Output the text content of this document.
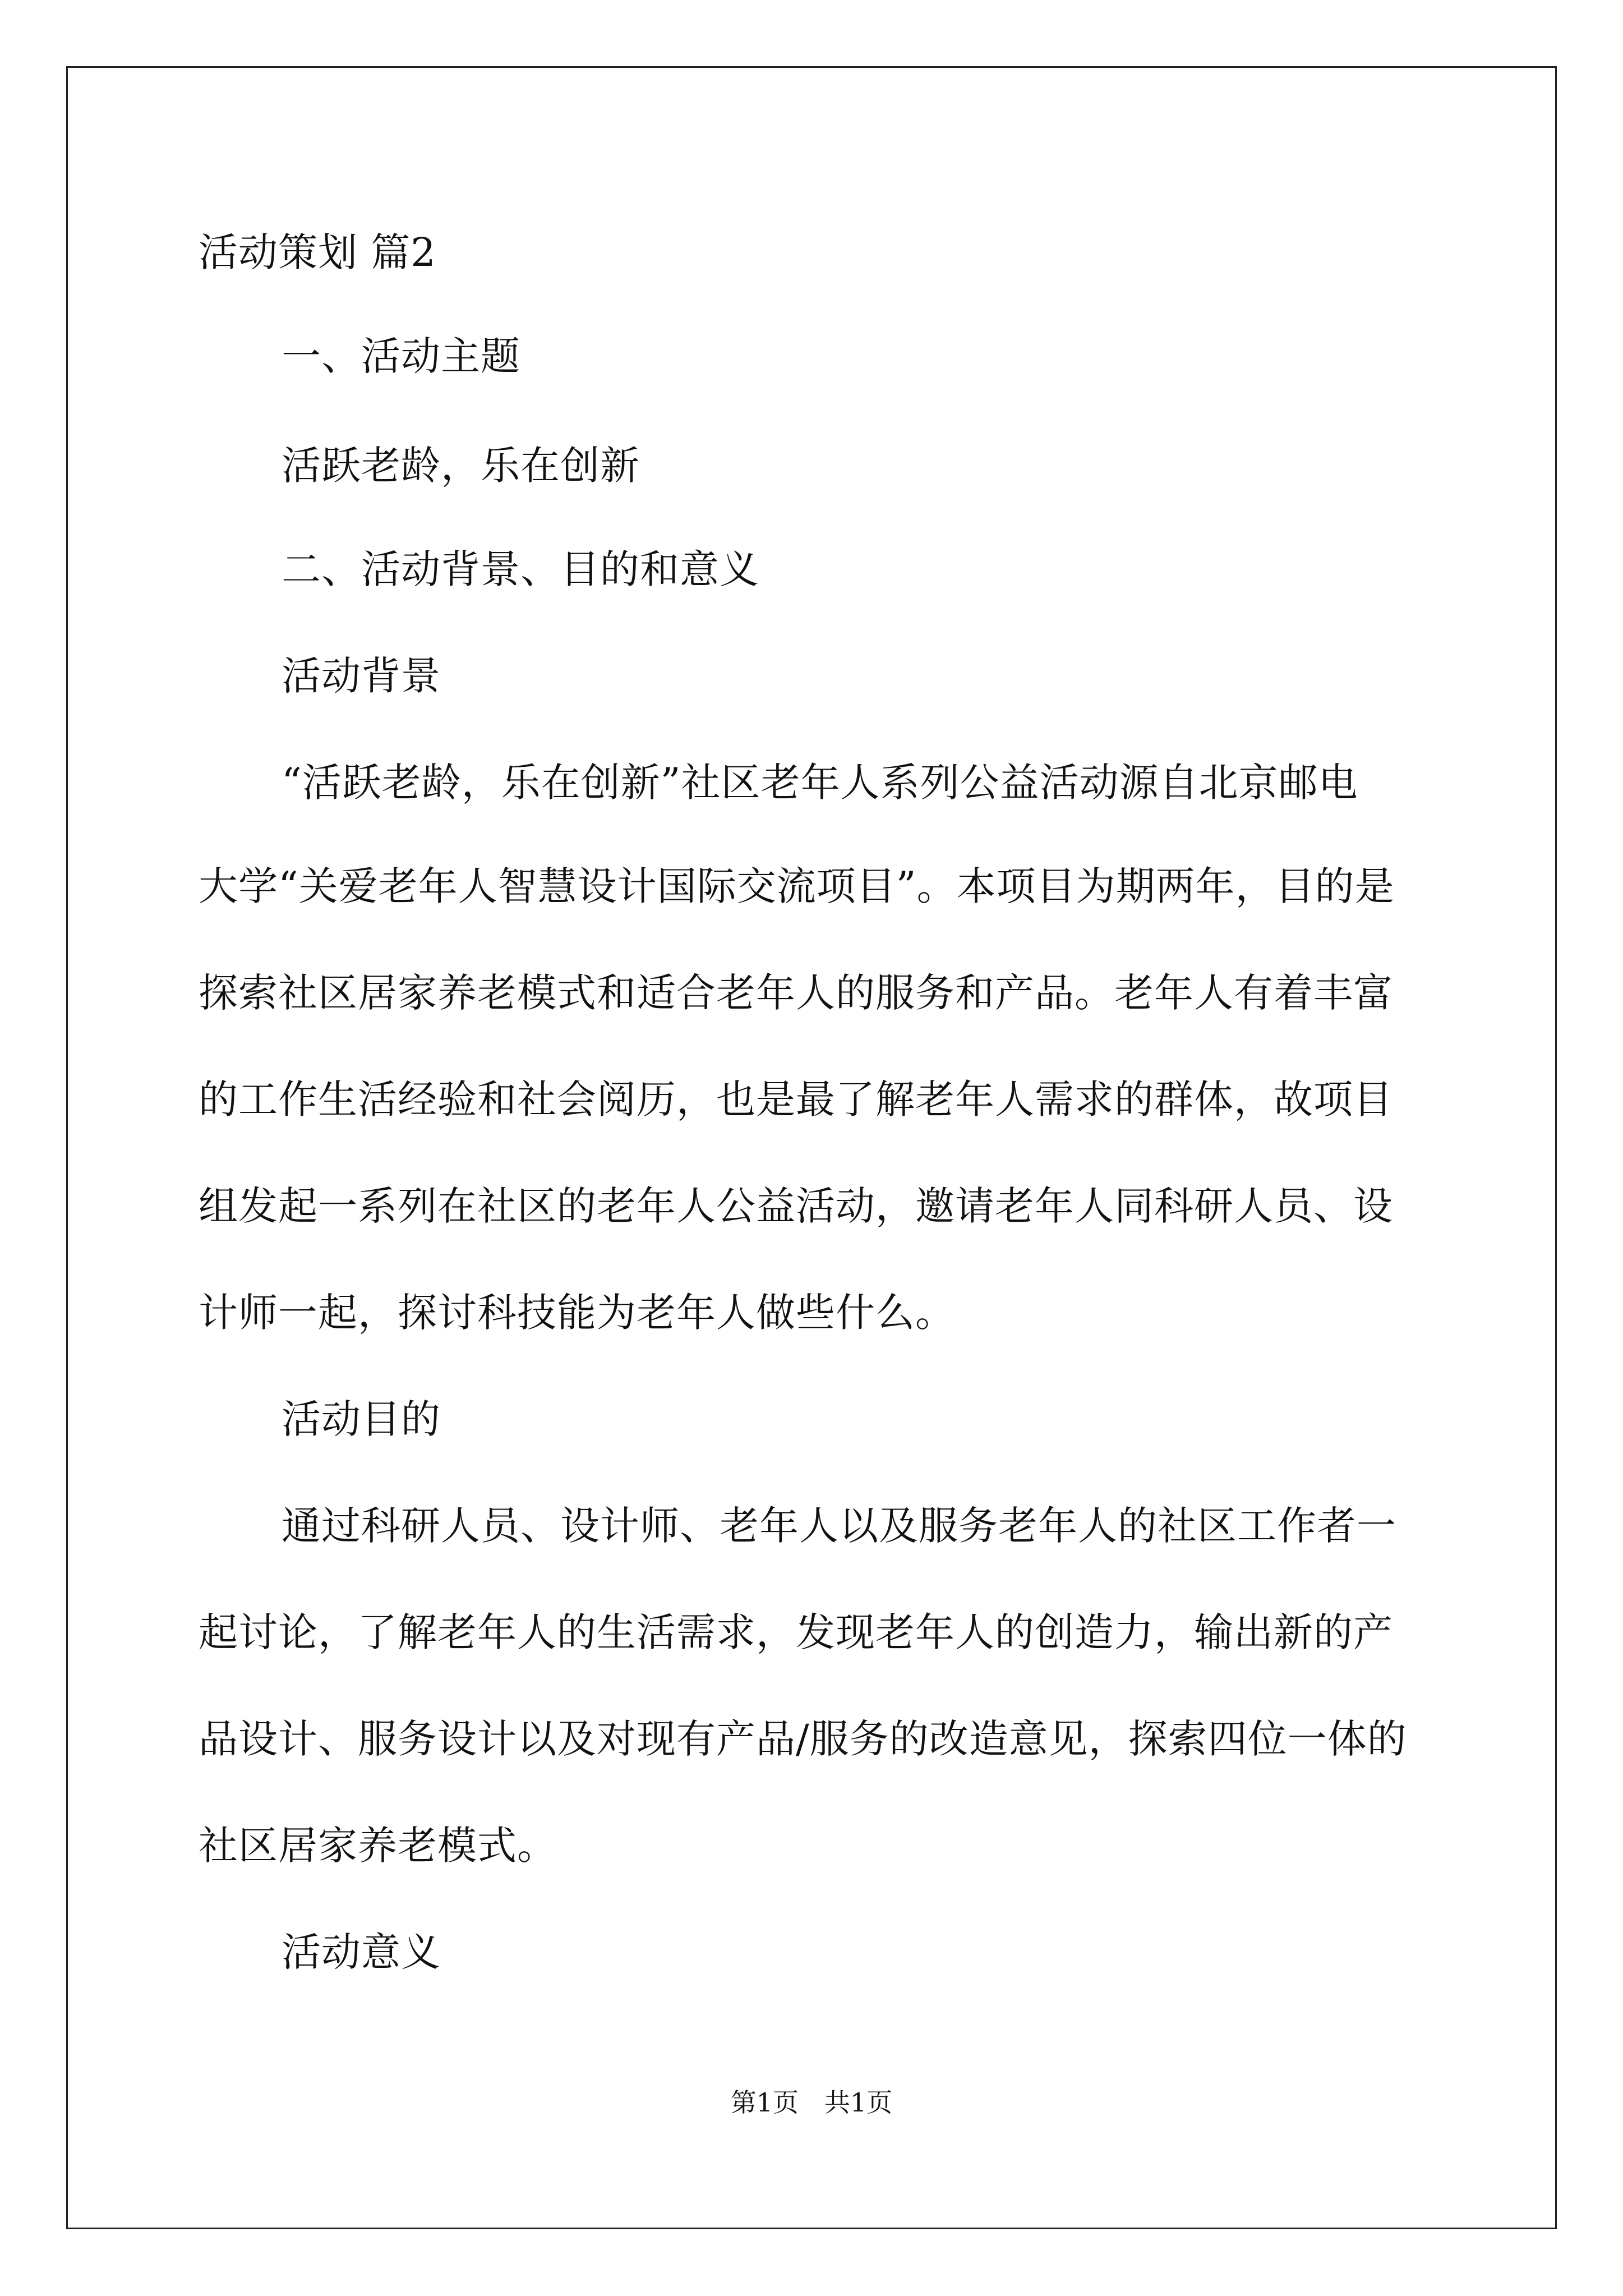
活动策划 篇2
一、活动主题
活跃老龄，乐在创新
二、活动背景、目的和意义
活动背景
“活跃老龄，乐在创新”社区老年人系列公益活动源自北京邮电
大学“关爱老年人智慧设计国际交流项目”。本项目为期两年，目的是
探索社区居家养老模式和适合老年人的服务和产品。老年人有着丰富
的工作生活经验和社会阅历，也是最了解老年人需求的群体，故项目
组发起一系列在社区的老年人公益活动，邀请老年人同科研人员、设
计师一起，探讨科技能为老年人做些什么。
活动目的
通过科研人员、设计师、老年人以及服务老年人的社区工作者一
起讨论，了解老年人的生活需求，发现老年人的创造力，输出新的产
品设计、服务设计以及对现有产品/服务的改造意见，探索四位一体的
社区居家养老模式。
活动意义
第1页　共1页
